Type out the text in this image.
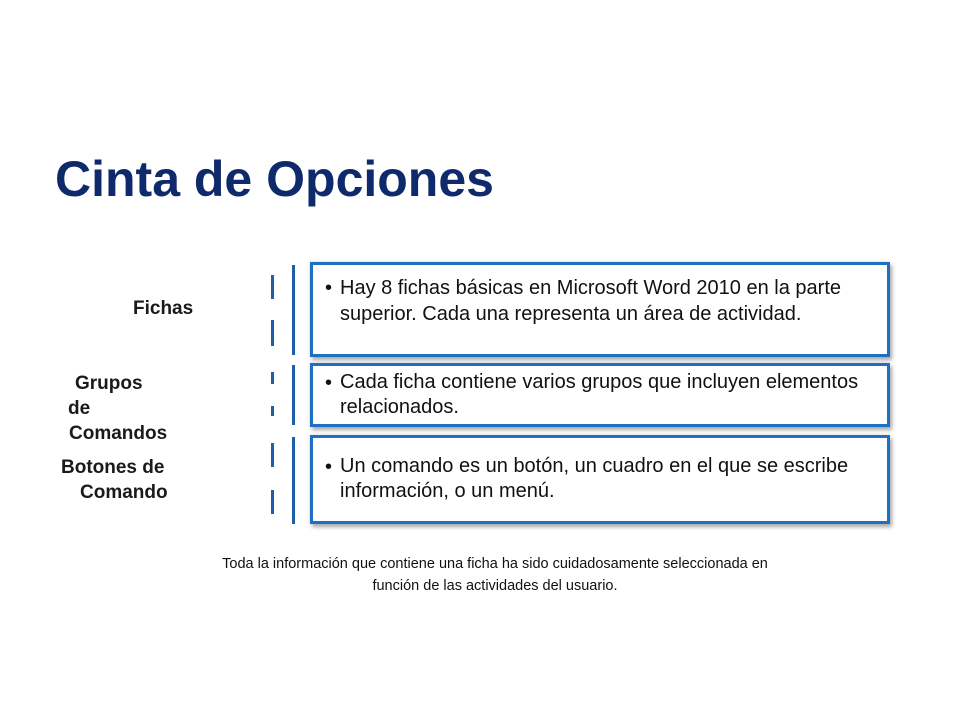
Cinta de Opciones
Fichas
• Hay 8 fichas básicas en Microsoft Word 2010 en la parte superior. Cada una representa un área de actividad.
Grupos
de
Comandos
• Cada ficha contiene varios grupos que incluyen elementos relacionados.
Botones de
Comando
• Un comando es un botón, un cuadro en el que se escribe información, o un menú.
Toda la información que contiene una ficha ha sido cuidadosamente seleccionada en función de las actividades del usuario.
